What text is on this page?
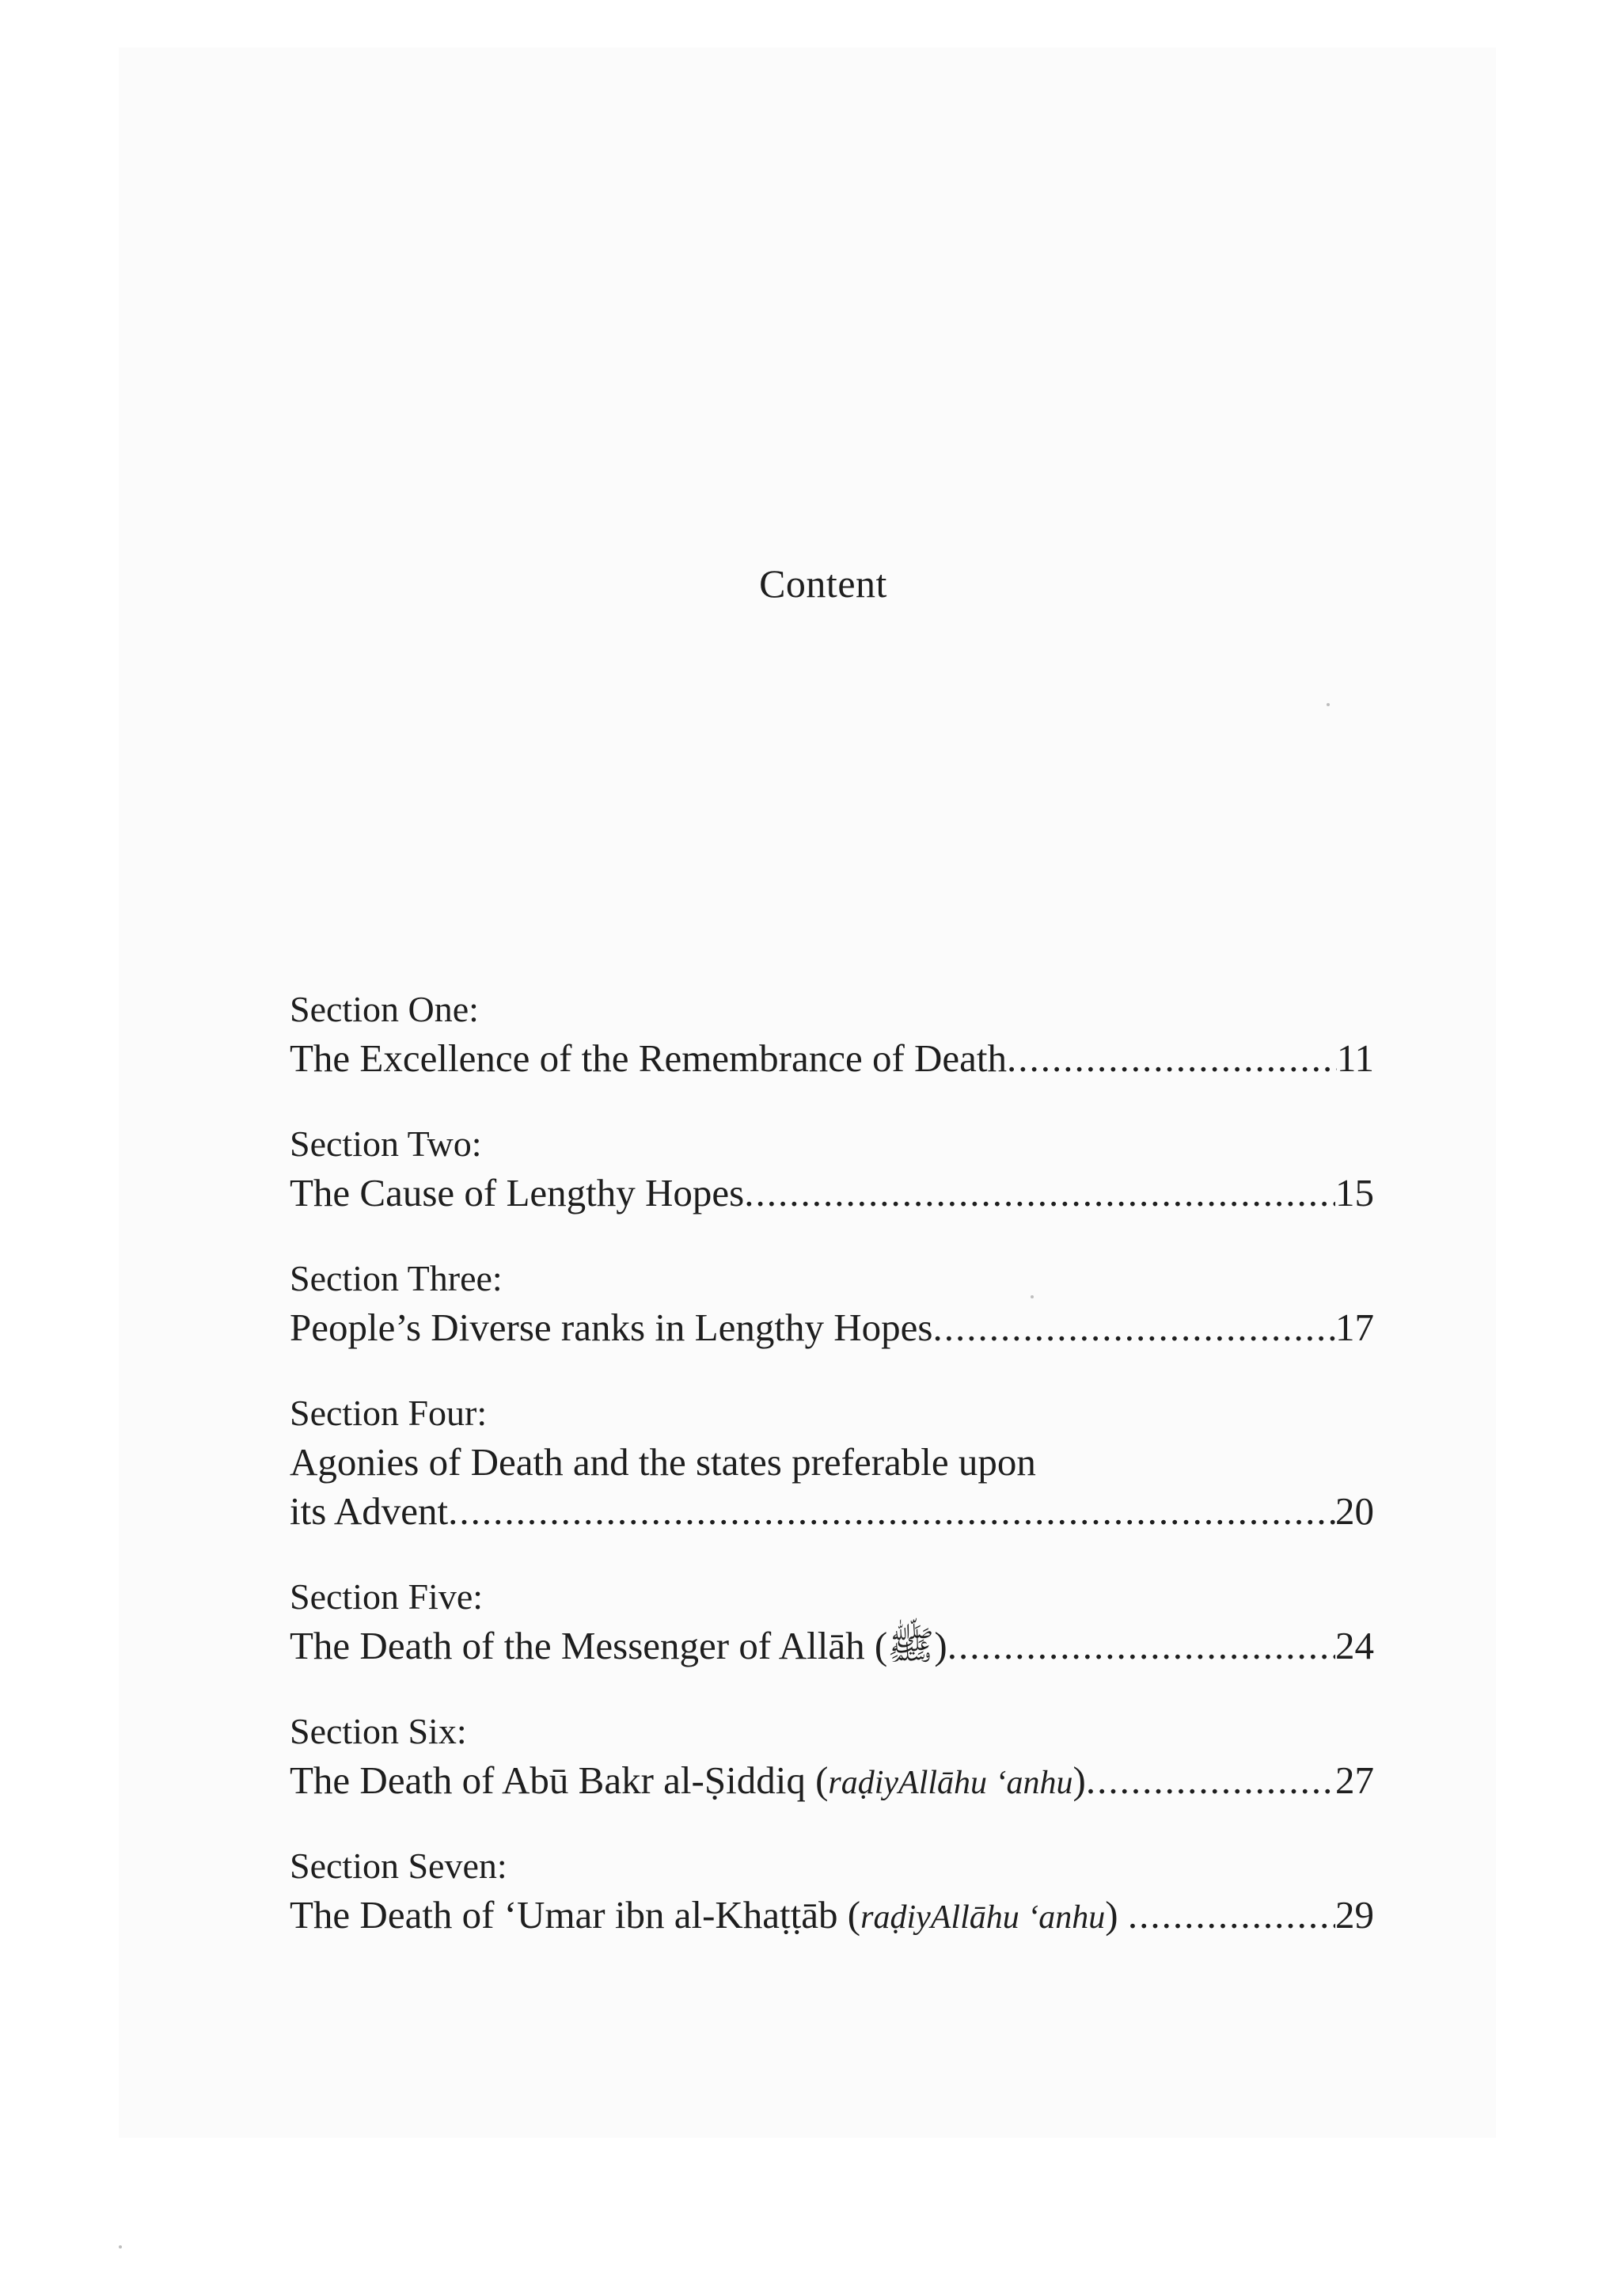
Content
Section One:
The Excellence of the Remembrance of Death .....	11
Section Two:
The Cause of Lengthy Hopes .....	15
Section Three:
People’s Diverse ranks in Lengthy Hopes .....	17
Section Four:
Agonies of Death and the states preferable upon
its Advent .....	20
Section Five:
The Death of the Messenger of Allāh (ﷺ) .....	24
Section Six:
The Death of Abū Bakr al-Ṣiddiq (raḍiyAllāhu ‘anhu) .....	27
Section Seven:
The Death of ‘Umar ibn al-Khaṭṭāb (raḍiyAllāhu ‘anhu) .....	29
